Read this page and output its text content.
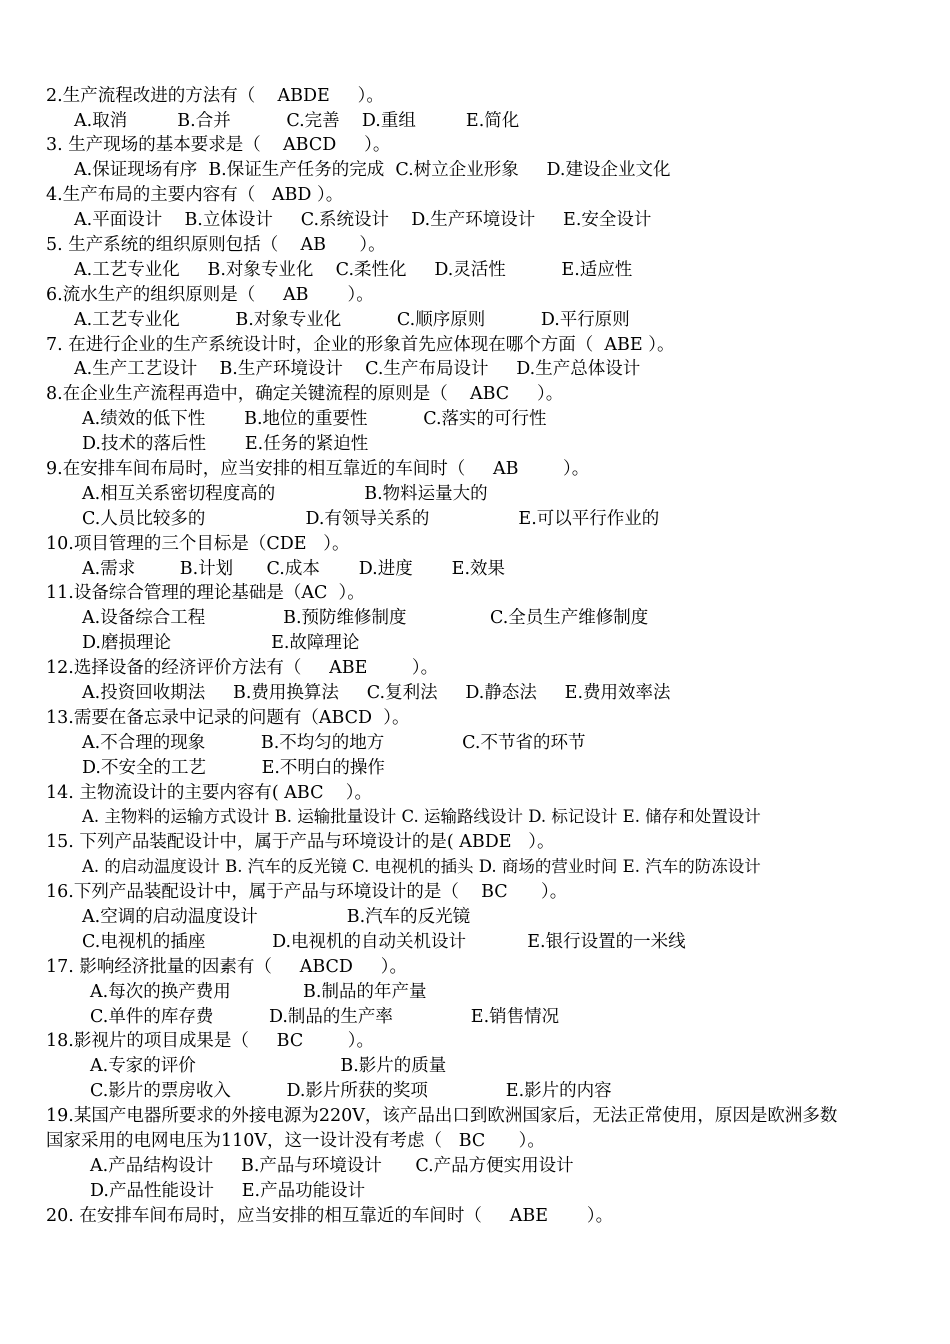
2.生产流程改进的方法有（    ABDE     ）。
A.取消         B.合并          C.完善    D.重组         E.简化
3. 生产现场的基本要求是（    ABCD     ）。
A.保证现场有序  B.保证生产任务的完成  C.树立企业形象     D.建设企业文化
4.生产布局的主要内容有（   ABD ）。
A.平面设计    B.立体设计     C.系统设计    D.生产环境设计     E.安全设计
5. 生产系统的组织原则包括（    AB      ）。
A.工艺专业化     B.对象专业化    C.柔性化     D.灵活性          E.适应性
6.流水生产的组织原则是（     AB       ）。
A.工艺专业化          B.对象专业化          C.顺序原则          D.平行原则
7. 在进行企业的生产系统设计时，企业的形象首先应体现在哪个方面（  ABE ）。
A.生产工艺设计    B.生产环境设计    C.生产布局设计     D.生产总体设计
8.在企业生产流程再造中，确定关键流程的原则是（    ABC     ）。
A.绩效的低下性       B.地位的重要性          C.落实的可行性
D.技术的落后性       E.任务的紧迫性
9.在安排车间布局时，应当安排的相互靠近的车间时（     AB        ）。
A.相互关系密切程度高的                B.物料运量大的
C.人员比较多的                  D.有领导关系的                E.可以平行作业的
10.项目管理的三个目标是（CDE   ）。
A.需求        B.计划      C.成本       D.进度       E.效果
11.设备综合管理的理论基础是（AC  ）。
A.设备综合工程              B.预防维修制度               C.全员生产维修制度
D.磨损理论                  E.故障理论
12.选择设备的经济评价方法有（     ABE        ）。
A.投资回收期法     B.费用换算法     C.复利法     D.静态法     E.费用效率法
13.需要在备忘录中记录的问题有（ABCD  ）。
A.不合理的现象          B.不均匀的地方              C.不节省的环节
D.不安全的工艺          E.不明白的操作
14. 主物流设计的主要内容有( ABC    ）。
A. 主物料的运输方式设计 B. 运输批量设计 C. 运输路线设计 D. 标记设计 E. 储存和处置设计
15. 下列产品装配设计中，属于产品与环境设计的是( ABDE   ）。
A. 的启动温度设计 B. 汽车的反光镜 C. 电视机的插头 D. 商场的营业时间 E. 汽车的防冻设计
16.下列产品装配设计中，属于产品与环境设计的是（    BC      ）。
A.空调的启动温度设计                B.汽车的反光镜
C.电视机的插座            D.电视机的自动关机设计           E.银行设置的一米线
17. 影响经济批量的因素有（     ABCD     ）。
A.每次的换产费用             B.制品的年产量
C.单件的库存费          D.制品的生产率              E.销售情况
18.影视片的项目成果是（     BC        ）。
A.专家的评价                          B.影片的质量
C.影片的票房收入          D.影片所获的奖项              E.影片的内容
19.某国产电器所要求的外接电源为220V，该产品出口到欧洲国家后，无法正常使用，原因是欧洲多数
国家采用的电网电压为110V，这一设计没有考虑（   BC      ）。
A.产品结构设计     B.产品与环境设计      C.产品方便实用设计
D.产品性能设计     E.产品功能设计
20. 在安排车间布局时，应当安排的相互靠近的车间时（     ABE       ）。
